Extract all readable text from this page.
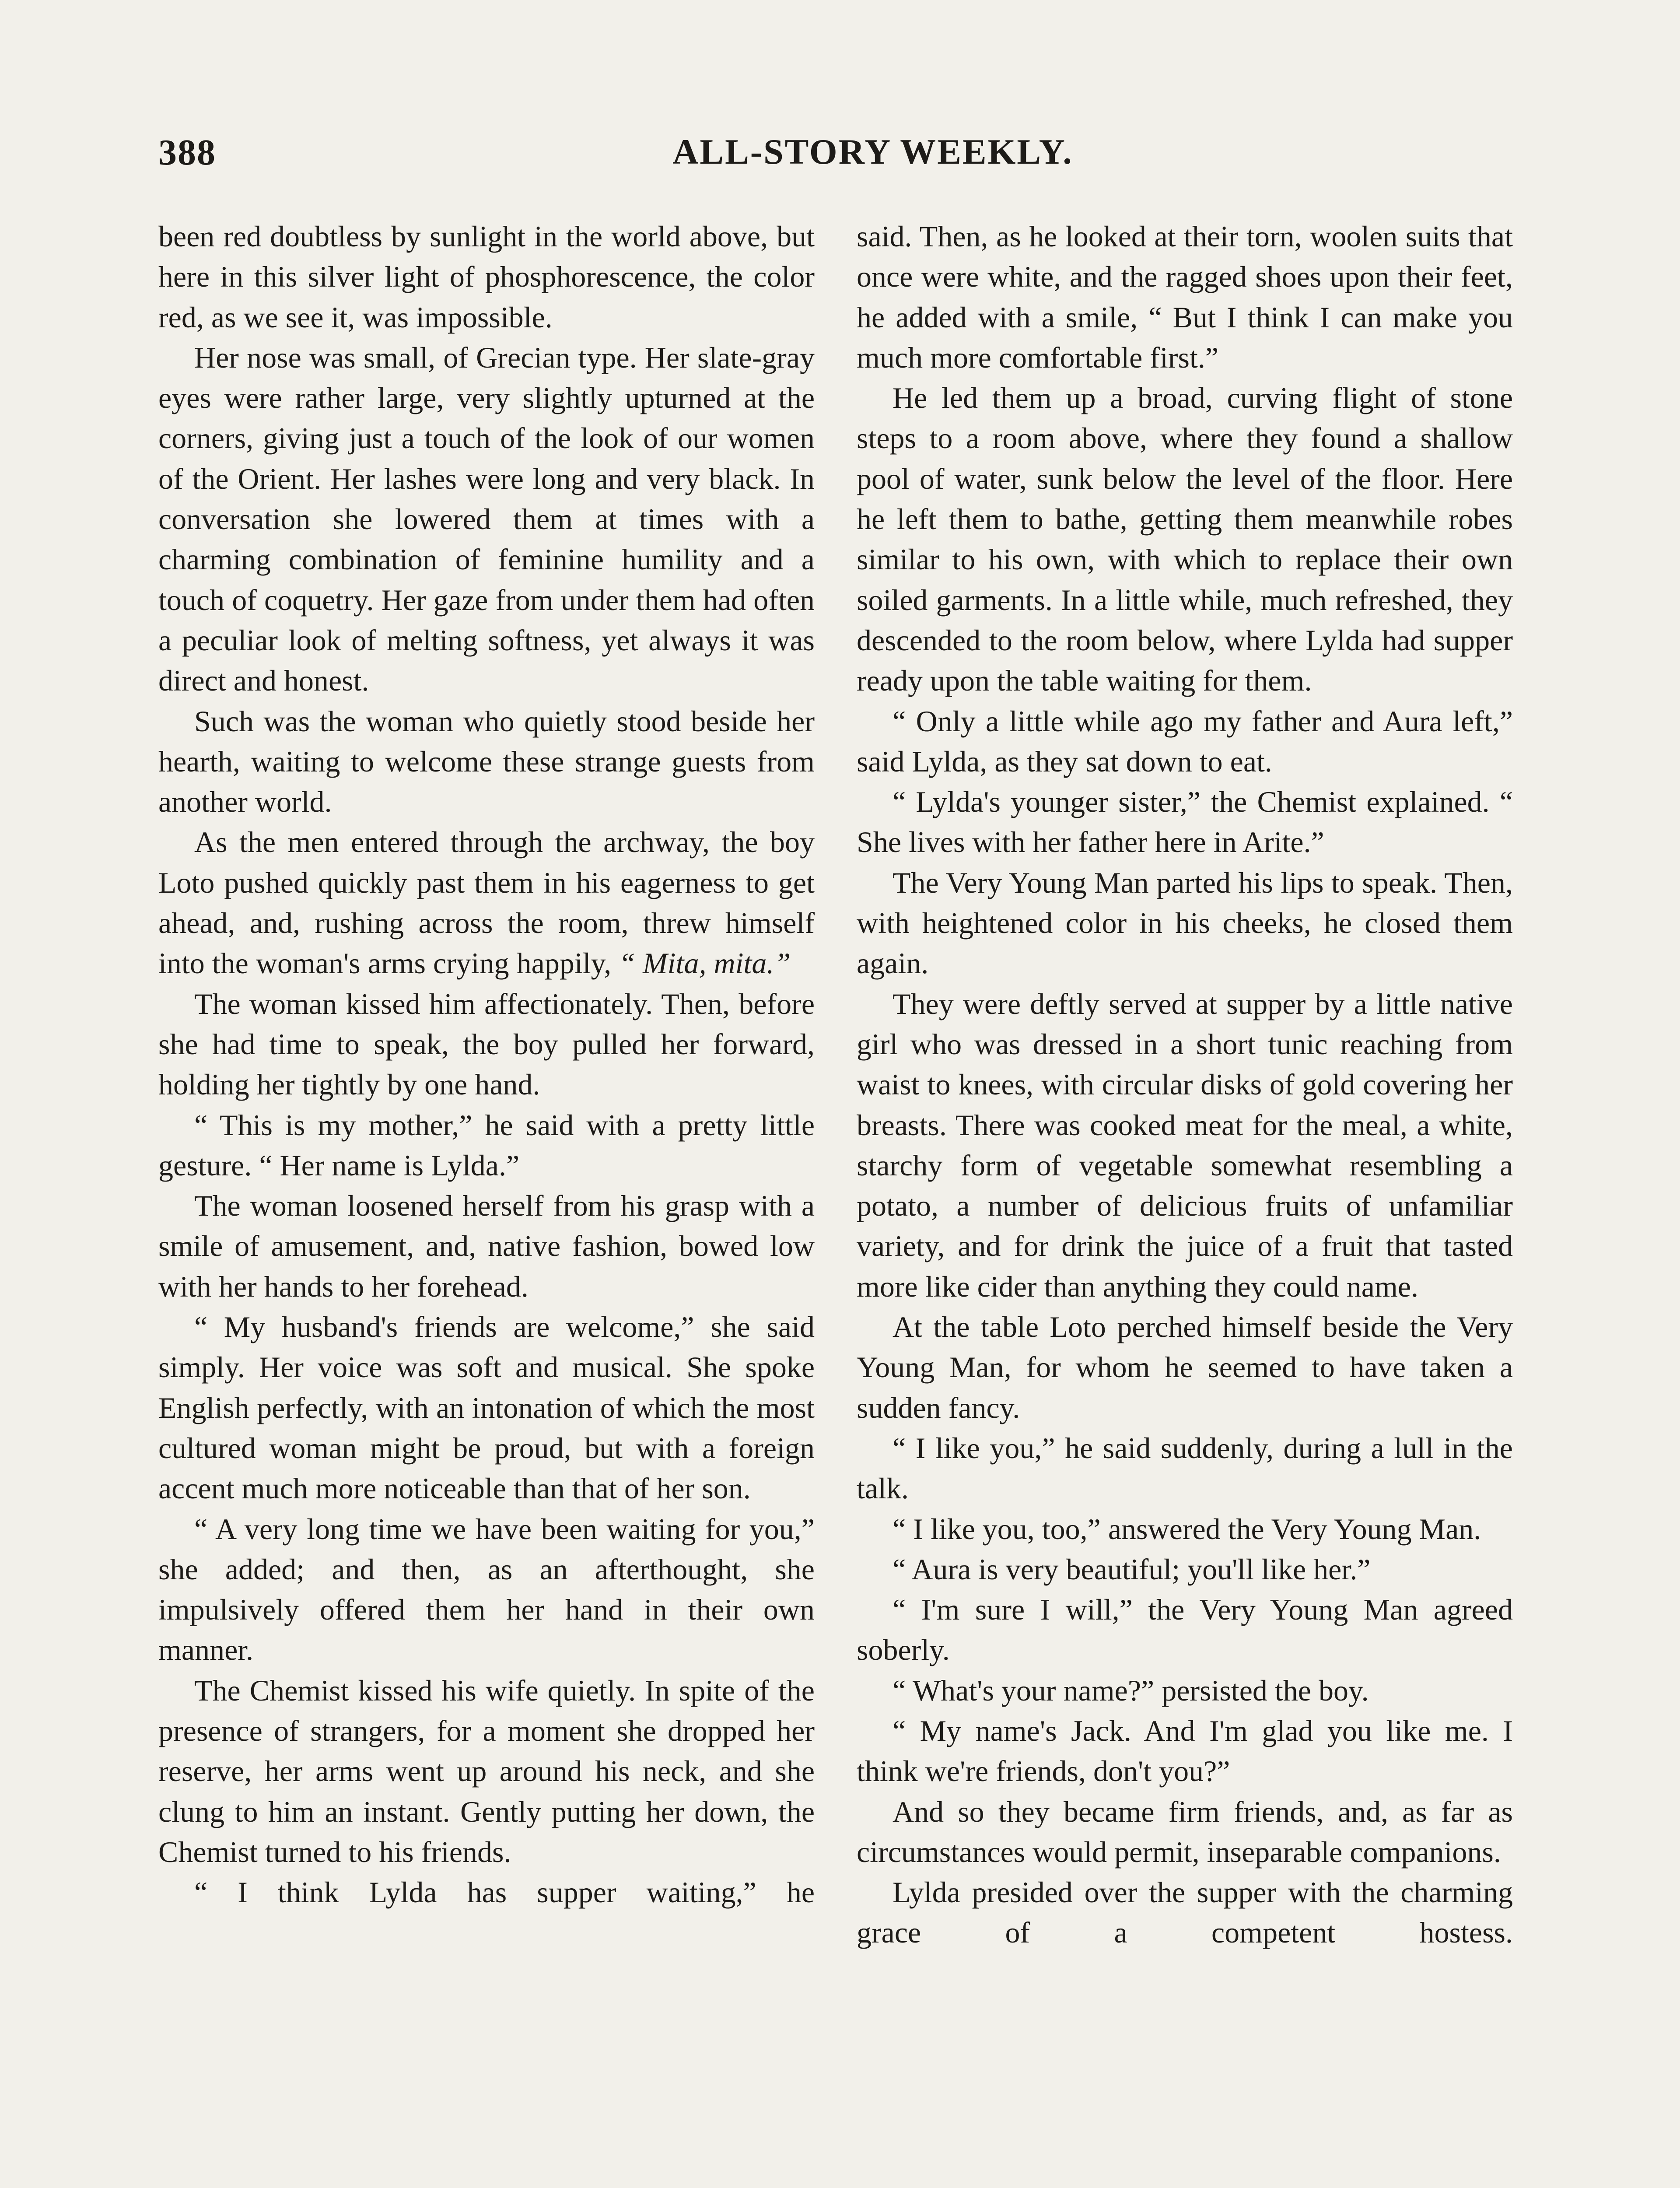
388	ALL-STORY WEEKLY.

been red doubtless by sunlight in the world above, but here in this silver light of phosphorescence, the color red, as we see it, was impossible.

Her nose was small, of Grecian type. Her slate-gray eyes were rather large, very slightly upturned at the corners, giving just a touch of the look of our women of the Orient. Her lashes were long and very black. In conversation she lowered them at times with a charming combination of feminine humility and a touch of coquetry. Her gaze from under them had often a peculiar look of melting softness, yet always it was direct and honest.

Such was the woman who quietly stood beside her hearth, waiting to welcome these strange guests from another world.

As the men entered through the archway, the boy Loto pushed quickly past them in his eagerness to get ahead, and, rushing across the room, threw himself into the woman's arms crying happily, “ Mita, mita.”

The woman kissed him affectionately. Then, before she had time to speak, the boy pulled her forward, holding her tightly by one hand.

“ This is my mother,” he said with a pretty little gesture. “ Her name is Lylda.”

The woman loosened herself from his grasp with a smile of amusement, and, native fashion, bowed low with her hands to her forehead.

“ My husband's friends are welcome,” she said simply. Her voice was soft and musical. She spoke English perfectly, with an intonation of which the most cultured woman might be proud, but with a foreign accent much more noticeable than that of her son.

“ A very long time we have been waiting for you,” she added; and then, as an afterthought, she impulsively offered them her hand in their own manner.

The Chemist kissed his wife quietly. In spite of the presence of strangers, for a moment she dropped her reserve, her arms went up around his neck, and she clung to him an instant. Gently putting her down, the Chemist turned to his friends.

“ I think Lylda has supper waiting,” he

said. Then, as he looked at their torn, woolen suits that once were white, and the ragged shoes upon their feet, he added with a smile, “ But I think I can make you much more comfortable first.”

He led them up a broad, curving flight of stone steps to a room above, where they found a shallow pool of water, sunk below the level of the floor. Here he left them to bathe, getting them meanwhile robes similar to his own, with which to replace their own soiled garments. In a little while, much refreshed, they descended to the room below, where Lylda had supper ready upon the table waiting for them.

“ Only a little while ago my father and Aura left,” said Lylda, as they sat down to eat.

“ Lylda's younger sister,” the Chemist explained. “ She lives with her father here in Arite.”

The Very Young Man parted his lips to speak. Then, with heightened color in his cheeks, he closed them again.

They were deftly served at supper by a little native girl who was dressed in a short tunic reaching from waist to knees, with circular disks of gold covering her breasts. There was cooked meat for the meal, a white, starchy form of vegetable somewhat resembling a potato, a number of delicious fruits of unfamiliar variety, and for drink the juice of a fruit that tasted more like cider than anything they could name.

At the table Loto perched himself beside the Very Young Man, for whom he seemed to have taken a sudden fancy.

“ I like you,” he said suddenly, during a lull in the talk.

“ I like you, too,” answered the Very Young Man.

“ Aura is very beautiful; you'll like her.”

“ I'm sure I will,” the Very Young Man agreed soberly.

“ What's your name?” persisted the boy.

“ My name's Jack. And I'm glad you like me. I think we're friends, don't you?”

And so they became firm friends, and, as far as circumstances would permit, inseparable companions.

Lylda presided over the supper with the charming grace of a competent hostess.
